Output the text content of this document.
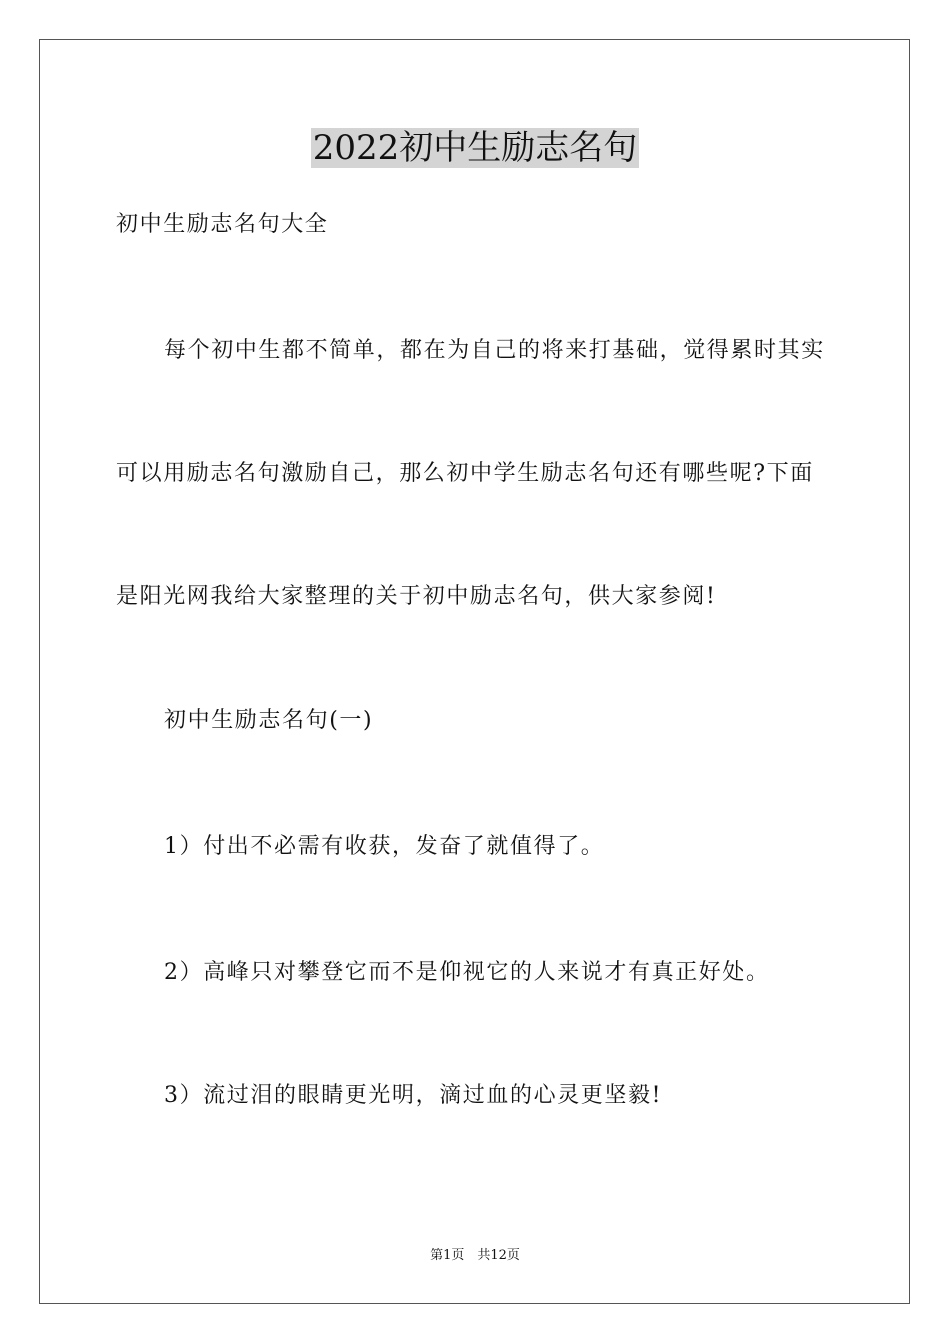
2022初中生励志名句

初中生励志名句大全

每个初中生都不简单，都在为自己的将来打基础，觉得累时其实

可以用励志名句激励自己，那么初中学生励志名句还有哪些呢?下面

是阳光网我给大家整理的关于初中励志名句，供大家参阅!

初中生励志名句(一)

1）付出不必需有收获，发奋了就值得了。

2）高峰只对攀登它而不是仰视它的人来说才有真正好处。

3）流过泪的眼睛更光明，滴过血的心灵更坚毅!

第1页　共12页
